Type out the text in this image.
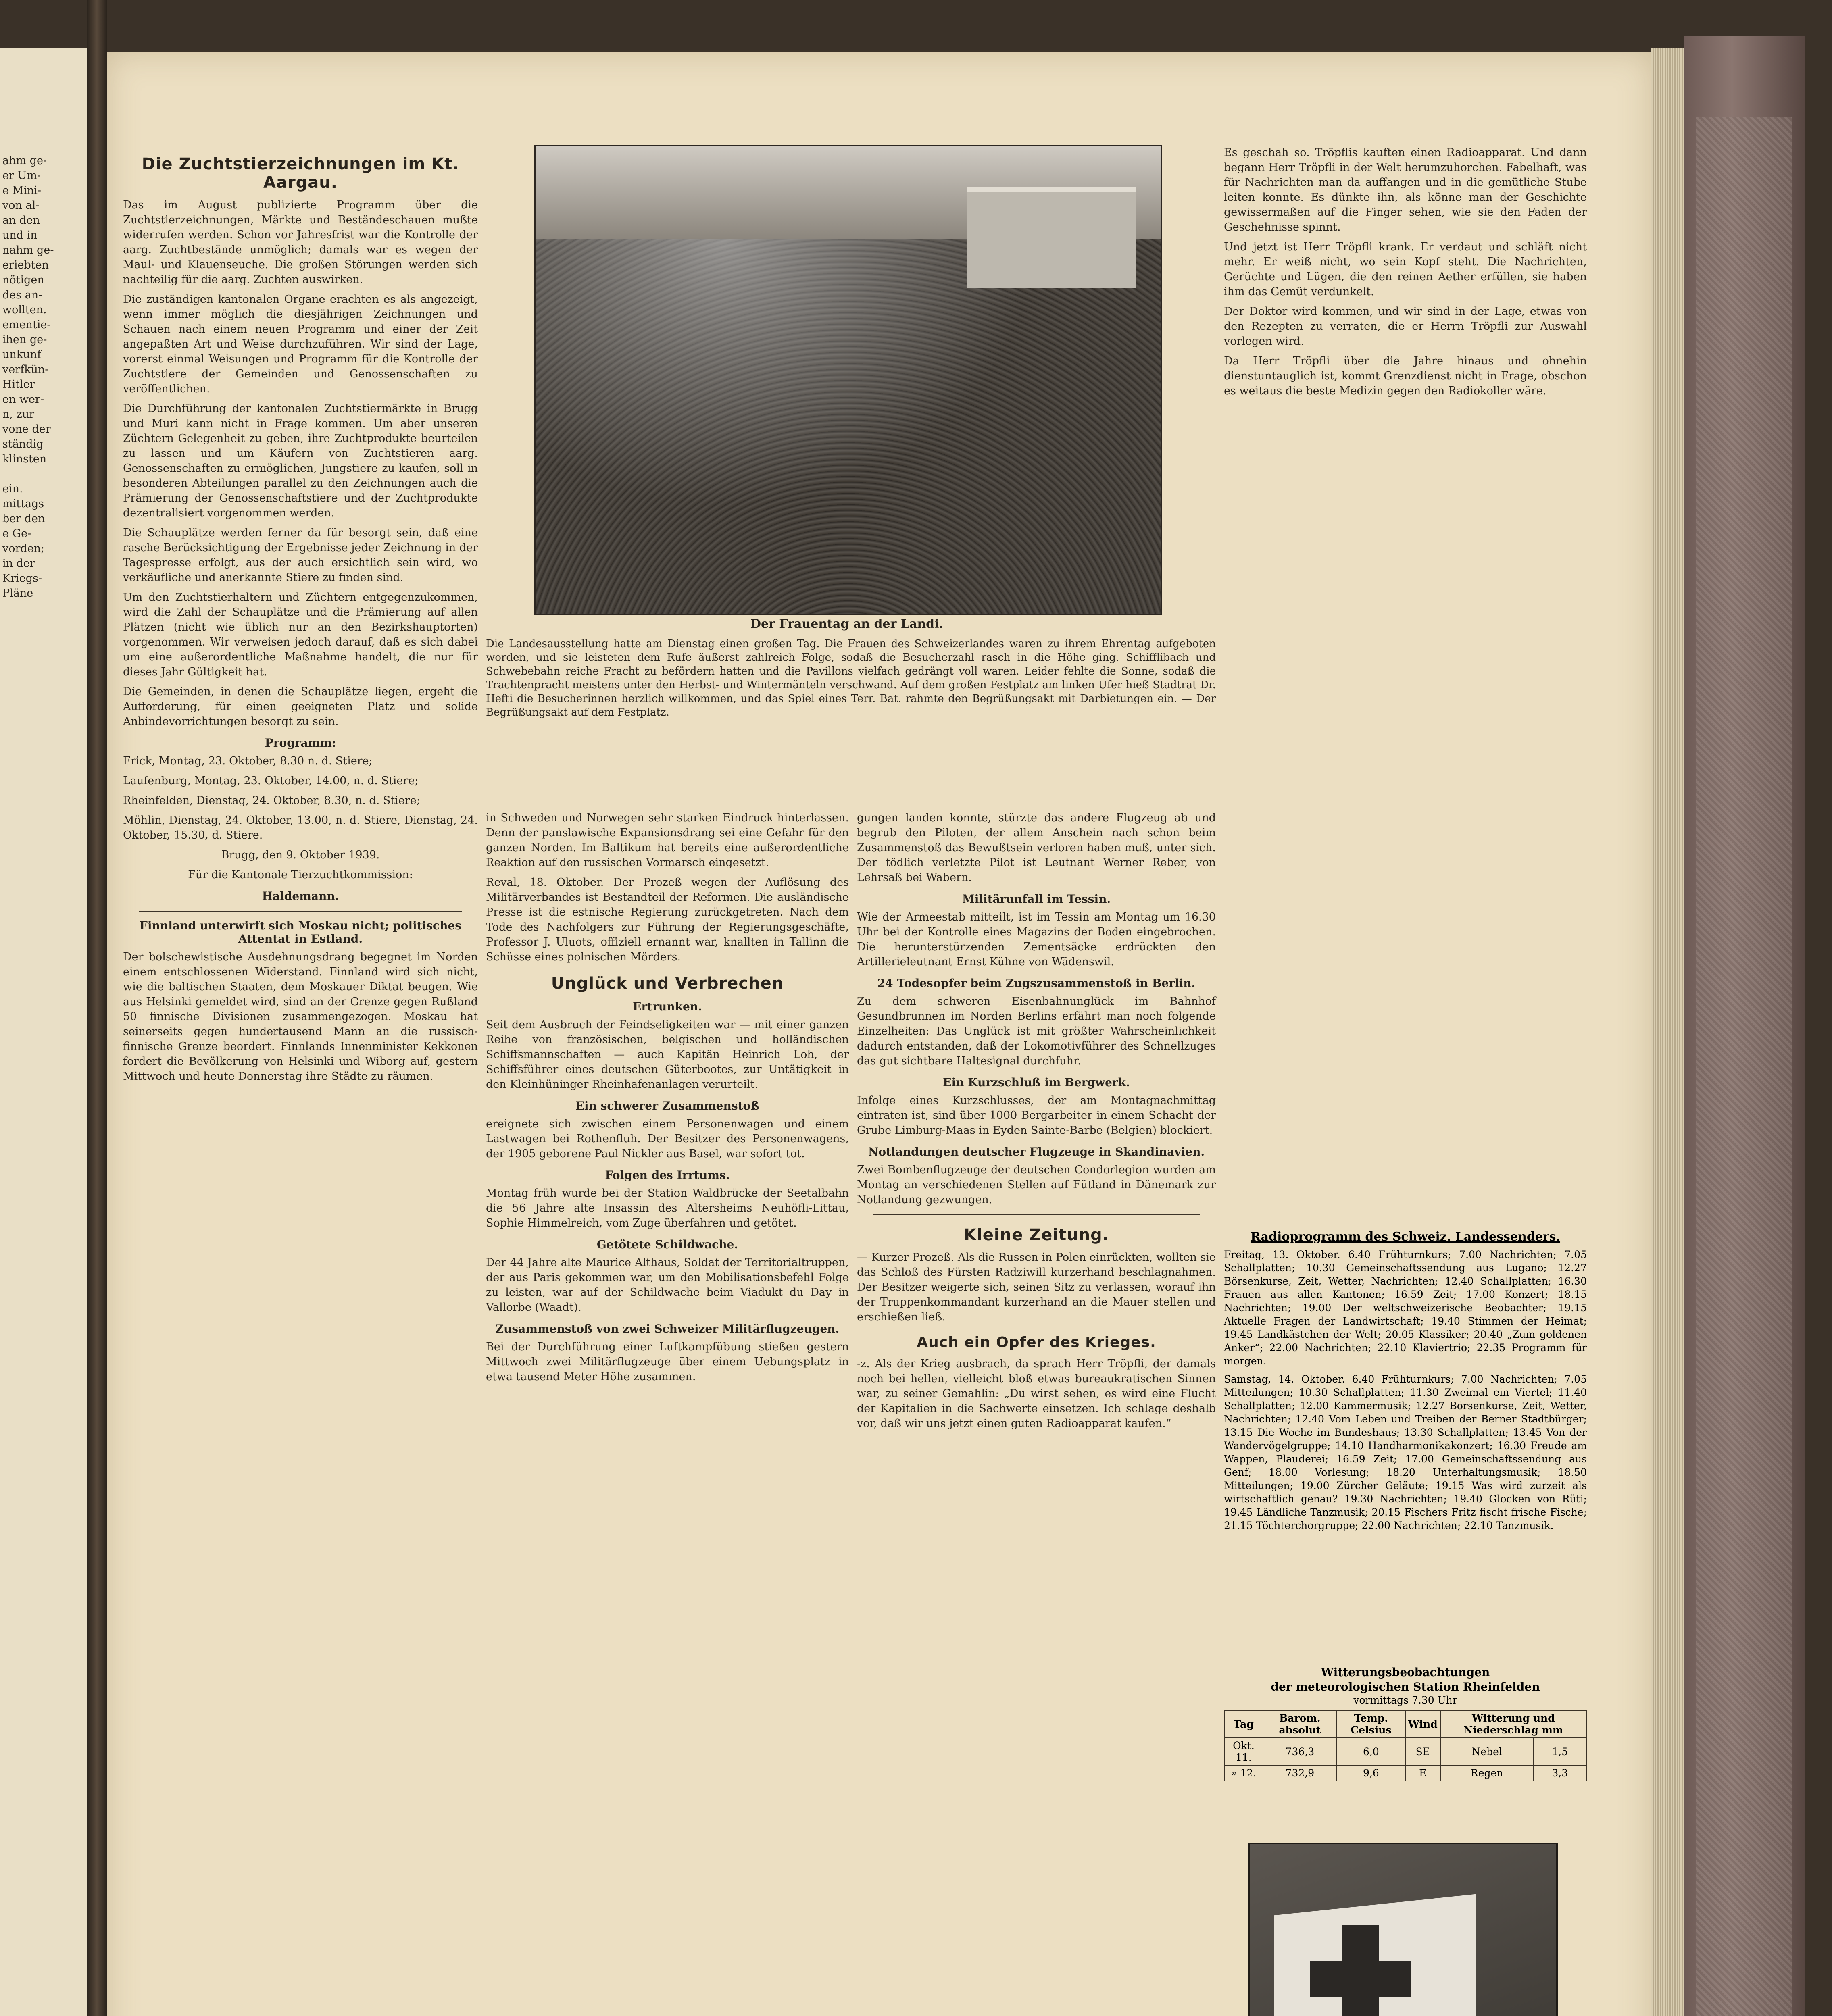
ahm ge-
er Um-
e Mini-
von al-
an den
und in
nahm ge-
eriebten
nötigen
des an-
wollten.
ementie-
ihen ge-
unkunf
verfkün-
Hitler
en wer-
n, zur
vone der
ständig
klinsten

ein.
mittags
ber den
e Ge-
vorden;
in der
Kriegs-
Pläne
Die Zuchtstierzeichnungen im Kt. Aargau.

Das im August publizierte Programm über die Zuchtstierzeichnungen, Märkte und Beständeschauen mußte widerrufen werden. Schon vor Jahresfrist war die Kontrolle der aarg. Zuchtbestände unmöglich; damals war es wegen der Maul- und Klauenseuche. Die großen Störungen werden sich nachteilig für die aarg. Zuchten auswirken.

Die zuständigen kantonalen Organe erachten es als angezeigt, wenn immer möglich die diesjährigen Zeichnungen und Schauen nach einem neuen Programm und einer der Zeit angepaßten Art und Weise durchzuführen. Wir sind der Lage, vorerst einmal Weisungen und Programm für die Kontrolle der Zuchtstiere der Gemeinden und Genossenschaften zu veröffentlichen.

Die Durchführung der kantonalen Zuchtstiermärkte in Brugg und Muri kann nicht in Frage kommen. Um aber unseren Züchtern Gelegenheit zu geben, ihre Zuchtprodukte beurteilen zu lassen und um Käufern von Zuchtstieren aarg. Genossenschaften zu ermöglichen, Jungstiere zu kaufen, soll in besonderen Abteilungen parallel zu den Zeichnungen auch die Prämierung der Genossenschaftstiere und der Zuchtprodukte dezentralisiert vorgenommen werden.

Die Schauplätze werden ferner da für besorgt sein, daß eine rasche Berücksichtigung der Ergebnisse jeder Zeichnung in der Tagespresse erfolgt, aus der auch ersichtlich sein wird, wo verkäufliche und anerkannte Stiere zu finden sind.

Um den Zuchtstierhaltern und Züchtern entgegenzukommen, wird die Zahl der Schauplätze und die Prämierung auf allen Plätzen (nicht wie üblich nur an den Bezirkshauptorten) vorgenommen. Wir verweisen jedoch darauf, daß es sich dabei um eine außerordentliche Maßnahme handelt, die nur für dieses Jahr Gültigkeit hat.

Die Gemeinden, in denen die Schauplätze liegen, ergeht die Aufforderung, für einen geeigneten Platz und solide Anbindevorrichtungen besorgt zu sein.

Programm:

Frick, Montag, 23. Oktober, 8.30 n. d. Stiere;

Laufenburg, Montag, 23. Oktober, 14.00, n. d. Stiere;

Rheinfelden, Dienstag, 24. Oktober, 8.30, n. d. Stiere;

Möhlin, Dienstag, 24. Oktober, 13.00, n. d. Stiere, Dienstag, 24. Oktober, 15.30, d. Stiere.

Brugg, den 9. Oktober 1939.

Für die Kantonale Tierzuchtkommission:

Haldemann.
Finnland unterwirft sich Moskau nicht; politisches Attentat in Estland.

Der bolschewistische Ausdehnungsdrang begegnet im Norden einem entschlossenen Widerstand. Finnland wird sich nicht, wie die baltischen Staaten, dem Moskauer Diktat beugen. Wie aus Helsinki gemeldet wird, sind an der Grenze gegen Rußland 50 finnische Divisionen zusammengezogen. Moskau hat seinerseits gegen hundertausend Mann an die russisch-finnische Grenze beordert. Finnlands Innenminister Kekkonen fordert die Bevölkerung von Helsinki und Wiborg auf, gestern Mittwoch und heute Donnerstag ihre Städte zu räumen.

Der Frauentag an der Landi.
Die Landesausstellung hatte am Dienstag einen großen Tag. Die Frauen des Schweizerlandes waren zu ihrem Ehrentag aufgeboten worden, und sie leisteten dem Rufe äußerst zahlreich Folge, sodaß die Besucherzahl rasch in die Höhe ging. Schifflibach und Schwebebahn reiche Fracht zu befördern hatten und die Pavillons vielfach gedrängt voll waren. Leider fehlte die Sonne, sodaß die Trachtenpracht meistens unter den Herbst- und Wintermänteln verschwand. Auf dem großen Festplatz am linken Ufer hieß Stadtrat Dr. Hefti die Besucherinnen herzlich willkommen, und das Spiel eines Terr. Bat. rahmte den Begrüßungsakt mit Darbietungen ein. — Der Begrüßungsakt auf dem Festplatz.

in Schweden und Norwegen sehr starken Eindruck hinterlassen. Denn der panslawische Expansionsdrang sei eine Gefahr für den ganzen Norden. Im Baltikum hat bereits eine außerordentliche Reaktion auf den russischen Vormarsch eingesetzt.

Reval, 18. Oktober. Der Prozeß wegen der Auflösung des Militärverbandes ist Bestandteil der Reformen. Die ausländische Presse ist die estnische Regierung zurückgetreten. Nach dem Tode des Nachfolgers zur Führung der Regierungsgeschäfte, Professor J. Uluots, offiziell ernannt war, knallten in Tallinn die Schüsse eines polnischen Mörders.

Unglück und Verbrechen
Ertrunken.

Seit dem Ausbruch der Feindseligkeiten war — mit einer ganzen Reihe von französischen, belgischen und holländischen Schiffsmannschaften — auch Kapitän Heinrich Loh, der Schiffsführer eines deutschen Güterbootes, zur Untätigkeit in den Kleinhüninger Rheinhafenanlagen verurteilt.

Ein schwerer Zusammenstoß

ereignete sich zwischen einem Personenwagen und einem Lastwagen bei Rothenfluh. Der Besitzer des Personenwagens, der 1905 geborene Paul Nickler aus Basel, war sofort tot.

Folgen des Irrtums.

Montag früh wurde bei der Station Waldbrücke der Seetalbahn die 56 Jahre alte Insassin des Altersheims Neuhöfli-Littau, Sophie Himmelreich, vom Zuge überfahren und getötet.

Getötete Schildwache.

Der 44 Jahre alte Maurice Althaus, Soldat der Territorialtruppen, der aus Paris gekommen war, um den Mobilisationsbefehl Folge zu leisten, war auf der Schildwache beim Viadukt du Day in Vallorbe (Waadt).

Zusammenstoß von zwei Schweizer Militärflugzeugen.

Bei der Durchführung einer Luftkampfübung stießen gestern Mittwoch zwei Militärflugzeuge über einem Uebungsplatz in etwa tausend Meter Höhe zusammen.

gungen landen konnte, stürzte das andere Flugzeug ab und begrub den Piloten, der allem Anschein nach schon beim Zusammenstoß das Bewußtsein verloren haben muß, unter sich. Der tödlich verletzte Pilot ist Leutnant Werner Reber, von Lehrsaß bei Wabern.

Militärunfall im Tessin.

Wie der Armeestab mitteilt, ist im Tessin am Montag um 16.30 Uhr bei der Kontrolle eines Magazins der Boden eingebrochen. Die herunterstürzenden Zementsäcke erdrückten den Artillerieleutnant Ernst Kühne von Wädenswil.

24 Todesopfer beim Zugszusammenstoß in Berlin.

Zu dem schweren Eisenbahnunglück im Bahnhof Gesundbrunnen im Norden Berlins erfährt man noch folgende Einzelheiten: Das Unglück ist mit größter Wahrscheinlichkeit dadurch entstanden, daß der Lokomotivführer des Schnellzuges das gut sichtbare Haltesignal durchfuhr.

Ein Kurzschluß im Bergwerk.

Infolge eines Kurzschlusses, der am Montagnachmittag eintraten ist, sind über 1000 Bergarbeiter in einem Schacht der Grube Limburg-Maas in Eyden Sainte-Barbe (Belgien) blockiert.

Notlandungen deutscher Flugzeuge in Skandinavien.

Zwei Bombenflugzeuge der deutschen Condorlegion wurden am Montag an verschiedenen Stellen auf Fütland in Dänemark zur Notlandung gezwungen.

Kleine Zeitung.

— Kurzer Prozeß. Als die Russen in Polen einrückten, wollten sie das Schloß des Fürsten Radziwill kurzerhand beschlagnahmen. Der Besitzer weigerte sich, seinen Sitz zu verlassen, worauf ihn der Truppenkommandant kurzerhand an die Mauer stellen und erschießen ließ.

Auch ein Opfer des Krieges.

-z. Als der Krieg ausbrach, da sprach Herr Tröpfli, der damals noch bei hellen, vielleicht bloß etwas bureaukratischen Sinnen war, zu seiner Gemahlin: „Du wirst sehen, es wird eine Flucht der Kapitalien in die Sachwerte einsetzen. Ich schlage deshalb vor, daß wir uns jetzt einen guten Radioapparat kaufen.“

Es geschah so. Tröpflis kauften einen Radioapparat. Und dann begann Herr Tröpfli in der Welt herumzuhorchen. Fabelhaft, was für Nachrichten man da auffangen und in die gemütliche Stube leiten konnte. Es dünkte ihn, als könne man der Geschichte gewissermaßen auf die Finger sehen, wie sie den Faden der Geschehnisse spinnt.

Und jetzt ist Herr Tröpfli krank. Er verdaut und schläft nicht mehr. Er weiß nicht, wo sein Kopf steht. Die Nachrichten, Gerüchte und Lügen, die den reinen Aether erfüllen, sie haben ihm das Gemüt verdunkelt.

Der Doktor wird kommen, und wir sind in der Lage, etwas von den Rezepten zu verraten, die er Herrn Tröpfli zur Auswahl vorlegen wird.

Da Herr Tröpfli über die Jahre hinaus und ohnehin dienstuntauglich ist, kommt Grenzdienst nicht in Frage, obschon es weitaus die beste Medizin gegen den Radiokoller wäre.

Radioprogramm des Schweiz. Landessenders.

Freitag, 13. Oktober. 6.40 Frühturnkurs; 7.00 Nachrichten; 7.05 Schallplatten; 10.30 Gemeinschaftssendung aus Lugano; 12.27 Börsenkurse, Zeit, Wetter, Nachrichten; 12.40 Schallplatten; 16.30 Frauen aus allen Kantonen; 16.59 Zeit; 17.00 Konzert; 18.15 Nachrichten; 19.00 Der weltschweizerische Beobachter; 19.15 Aktuelle Fragen der Landwirtschaft; 19.40 Stimmen der Heimat; 19.45 Landkästchen der Welt; 20.05 Klassiker; 20.40 „Zum goldenen Anker“; 22.00 Nachrichten; 22.10 Klaviertrio; 22.35 Programm für morgen.

Samstag, 14. Oktober. 6.40 Frühturnkurs; 7.00 Nachrichten; 7.05 Mitteilungen; 10.30 Schallplatten; 11.30 Zweimal ein Viertel; 11.40 Schallplatten; 12.00 Kammermusik; 12.27 Börsenkurse, Zeit, Wetter, Nachrichten; 12.40 Vom Leben und Treiben der Berner Stadtbürger; 13.15 Die Woche im Bundeshaus; 13.30 Schallplatten; 13.45 Von der Wandervögelgruppe; 14.10 Handharmonikakonzert; 16.30 Freude am Wappen, Plauderei; 16.59 Zeit; 17.00 Gemeinschaftssendung aus Genf; 18.00 Vorlesung; 18.20 Unterhaltungsmusik; 18.50 Mitteilungen; 19.00 Zürcher Geläute; 19.15 Was wird zurzeit als wirtschaftlich genau? 19.30 Nachrichten; 19.40 Glocken von Rüti; 19.45 Ländliche Tanzmusik; 20.15 Fischers Fritz fischt frische Fische; 21.15 Töchterchorgruppe; 22.00 Nachrichten; 22.10 Tanzmusik.

Witterungsbeobachtungen
der meteorologischen Station Rheinfelden
vormittags 7.30 Uhr
Tag	Barom. absolut	Temp. Celsius	Wind	Witterung und Niederschlag mm	
Okt. 11.	736,3	6,0	SE	Nebel	1,5
» 12.	732,9	9,6	E	Regen	3,3
